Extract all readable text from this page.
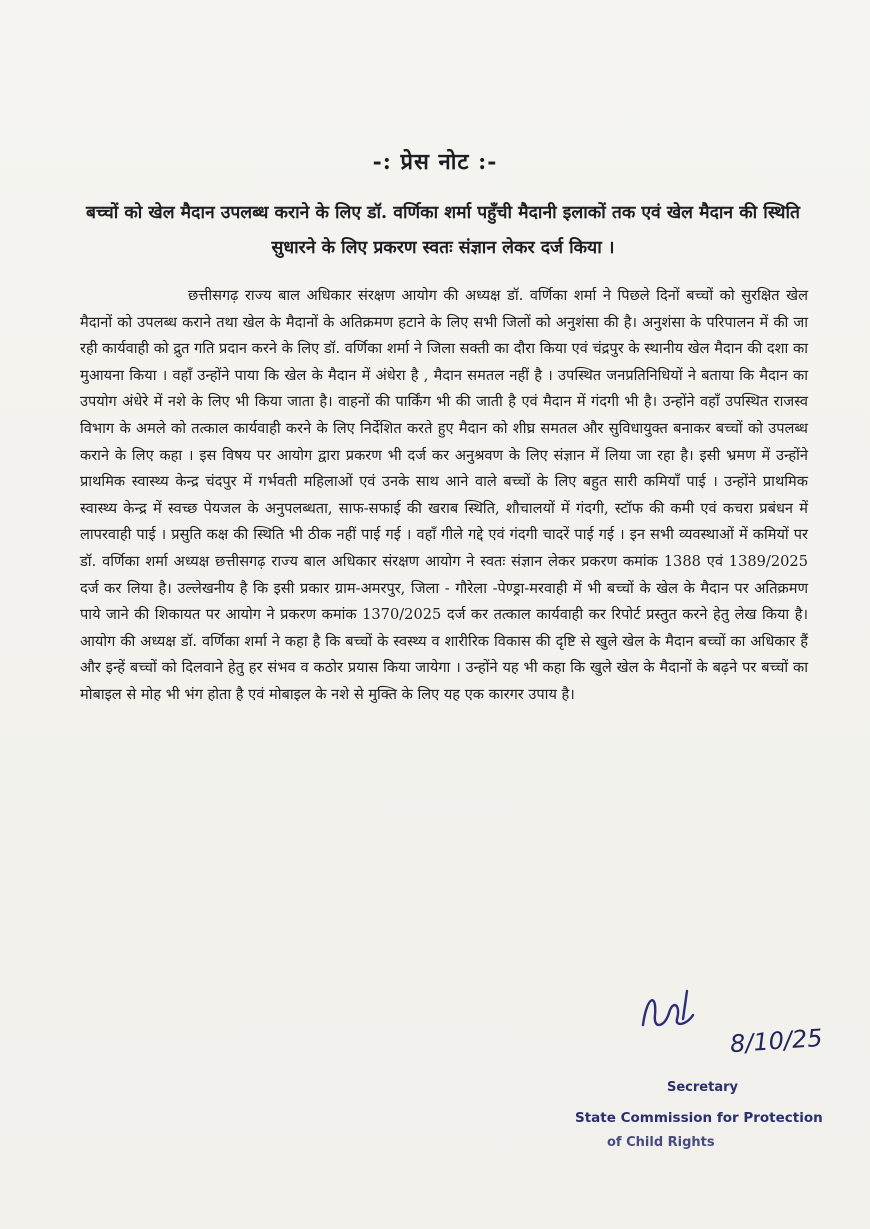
-: प्रेस नोट :-
बच्चों को खेल मैदान उपलब्ध कराने के लिए डॉ. वर्णिका शर्मा पहुँची मैदानी इलाकों तक एवं खेल मैदान की स्थिति सुधारने के लिए प्रकरण स्वतः संज्ञान लेकर दर्ज किया ।
छत्तीसगढ़ राज्य बाल अधिकार संरक्षण आयोग की अध्यक्ष डॉ. वर्णिका शर्मा ने पिछले दिनों बच्चों को सुरक्षित खेल मैदानों को उपलब्ध कराने तथा खेल के मैदानों के अतिक्रमण हटाने के लिए सभी जिलों को अनुशंसा की है। अनुशंसा के परिपालन में की जा रही कार्यवाही को द्रुत गति प्रदान करने के लिए डॉ. वर्णिका शर्मा ने जिला सक्ती का दौरा किया एवं चंद्रपुर के स्थानीय खेल मैदान की दशा का मुआयना किया । वहाँ उन्होंने पाया कि खेल के मैदान में अंधेरा है , मैदान समतल नहीं है । उपस्थित जनप्रतिनिधियों ने बताया कि मैदान का उपयोग अंधेरे में नशे के लिए भी किया जाता है। वाहनों की पार्किंग भी की जाती है एवं मैदान में गंदगी भी है। उन्होंने वहाँ उपस्थित राजस्व विभाग के अमले को तत्काल कार्यवाही करने के लिए निर्देशित करते हुए मैदान को शीघ्र समतल और सुविधायुक्त बनाकर बच्चों को उपलब्ध कराने के लिए कहा । इस विषय पर आयोग द्वारा प्रकरण भी दर्ज कर अनुश्रवण के लिए संज्ञान में लिया जा रहा है। इसी भ्रमण में उन्होंने प्राथमिक स्वास्थ्य केन्द्र चंदपुर में गर्भवती महिलाओं एवं उनके साथ आने वाले बच्चों के लिए बहुत सारी कमियाँ पाई । उन्होंने प्राथमिक स्वास्थ्य केन्द्र में स्वच्छ पेयजल के अनुपलब्धता, साफ-सफाई की खराब स्थिति, शौचालयों में गंदगी, स्टॉफ की कमी एवं कचरा प्रबंधन में लापरवाही पाई । प्रसुति कक्ष की स्थिति भी ठीक नहीं पाई गई । वहाँ गीले गद्दे एवं गंदगी चादरें पाई गई । इन सभी व्यवस्थाओं में कमियों पर डॉ. वर्णिका शर्मा अध्यक्ष छत्तीसगढ़ राज्य बाल अधिकार संरक्षण आयोग ने स्वतः संज्ञान लेकर प्रकरण कमांक 1388 एवं 1389/2025 दर्ज कर लिया है। उल्लेखनीय है कि इसी प्रकार ग्राम-अमरपुर, जिला - गौरेला -पेण्ड्रा-मरवाही में भी बच्चों के खेल के मैदान पर अतिक्रमण पाये जाने की शिकायत पर आयोग ने प्रकरण कमांक 1370/2025 दर्ज कर तत्काल कार्यवाही कर रिपोर्ट प्रस्तुत करने हेतु लेख किया है। आयोग की अध्यक्ष डॉ. वर्णिका शर्मा ने कहा है कि बच्चों के स्वस्थ्य व शारीरिक विकास की दृष्टि से खुले खेल के मैदान बच्चों का अधिकार हैं और इन्हें बच्चों को दिलवाने हेतु हर संभव व कठोर प्रयास किया जायेगा । उन्होंने यह भी कहा कि खुले खेल के मैदानों के बढ़ने पर बच्चों का मोबाइल से मोह भी भंग होता है एवं मोबाइल के नशे से मुक्ति के लिए यह एक कारगर उपाय है।
8/10/25
Secretary
State Commission for Protection
of Child Rights
